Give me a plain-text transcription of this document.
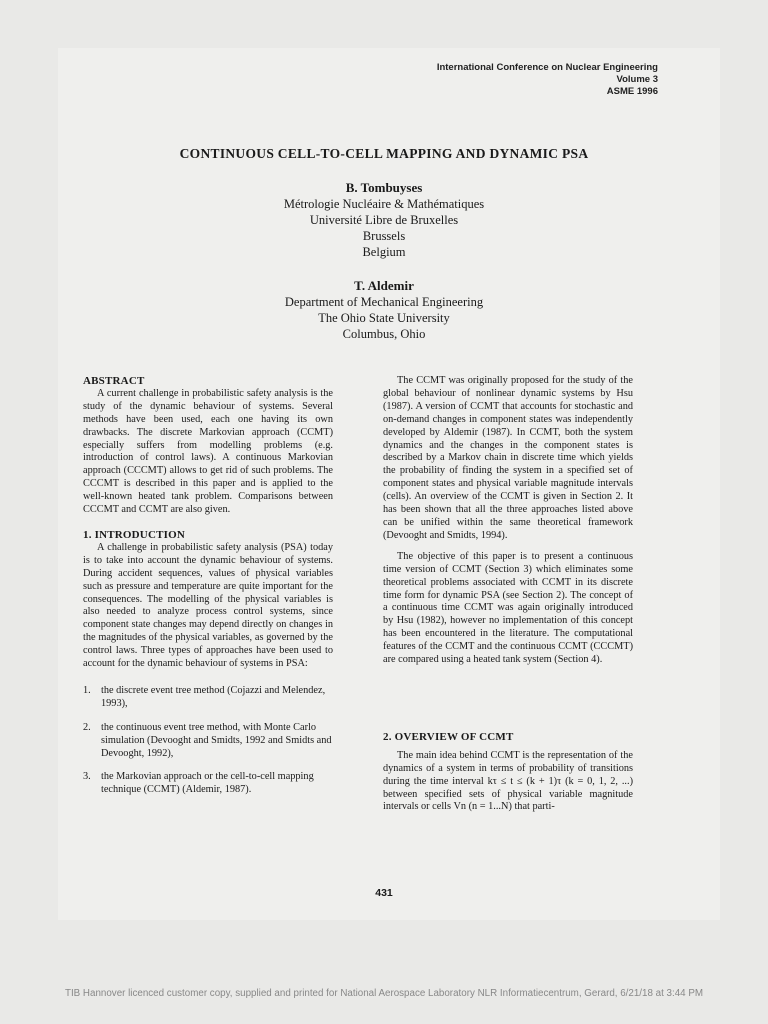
International Conference on Nuclear Engineering
Volume 3
ASME 1996
CONTINUOUS CELL-TO-CELL MAPPING AND DYNAMIC PSA
B. Tombuyses
Métrologie Nucléaire & Mathématiques
Université Libre de Bruxelles
Brussels
Belgium
T. Aldemir
Department of Mechanical Engineering
The Ohio State University
Columbus, Ohio
ABSTRACT

A current challenge in probabilistic safety analysis is the study of the dynamic behaviour of systems. Several methods have been used, each one having its own drawbacks. The discrete Markovian approach (CCMT) especially suffers from modelling problems (e.g. introduction of control laws). A continuous Markovian approach (CCCMT) allows to get rid of such problems. The CCCMT is described in this paper and is applied to the well-known heated tank problem. Comparisons between CCCMT and CCMT are also given.

1. INTRODUCTION

A challenge in probabilistic safety analysis (PSA) today is to take into account the dynamic behaviour of systems. During accident sequences, values of physical variables such as pressure and temperature are quite important for the consequences. The modelling of the physical variables is also needed to analyze process control systems, since component state changes may depend directly on changes in the magnitudes of the physical variables, as governed by the control laws. Three types of approaches have been used to account for the dynamic behaviour of systems in PSA:

1. the discrete event tree method (Cojazzi and Melendez, 1993),
2. the continuous event tree method, with Monte Carlo simulation (Devooght and Smidts, 1992 and Smidts and Devooght, 1992),
3. the Markovian approach or the cell-to-cell mapping technique (CCMT) (Aldemir, 1987).

The CCMT was originally proposed for the study of the global behaviour of nonlinear dynamic systems by Hsu (1987). A version of CCMT that accounts for stochastic and on-demand changes in component states was independently developed by Aldemir (1987). In CCMT, both the system dynamics and the changes in the component states is described by a Markov chain in discrete time which yields the probability of finding the system in a specified set of component states and physical variable magnitude intervals (cells). An overview of the CCMT is given in Section 2. It has been shown that all the three approaches listed above can be unified within the same theoretical framework (Devooght and Smidts, 1994).

The objective of this paper is to present a continuous time version of CCMT (Section 3) which eliminates some theoretical problems associated with CCMT in its discrete time form for dynamic PSA (see Section 2). The concept of a continuous time CCMT was again originally introduced by Hsu (1982), however no implementation of this concept has been encountered in the literature. The computational features of the CCMT and the continuous CCMT (CCCMT) are compared using a heated tank system (Section 4).

2. OVERVIEW OF CCMT

The main idea behind CCMT is the representation of the dynamics of a system in terms of probability of transitions during the time interval kτ ≤ t ≤ (k + 1)τ (k = 0, 1, 2, ...) between specified sets of physical variable magnitude intervals or cells Vn (n = 1...N) that parti-

431
TIB Hannover licenced customer copy, supplied and printed for National Aerospace Laboratory NLR Informatiecentrum, Gerard, 6/21/18 at 3:44 PM
